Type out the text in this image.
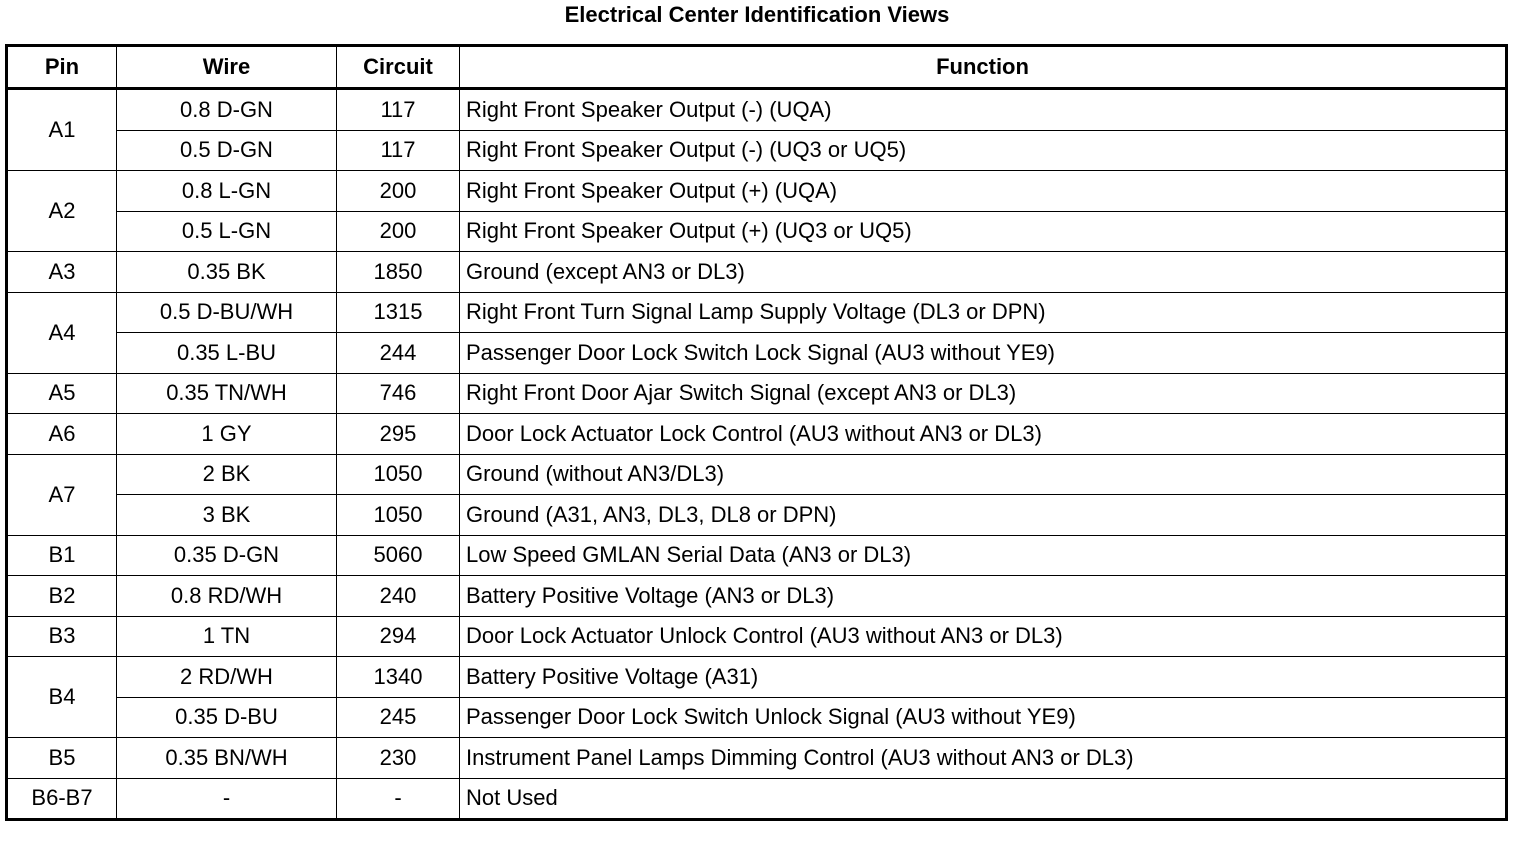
Electrical Center Identification Views
Pin	Wire	Circuit	Function
A1	0.8 D-GN	117	Right Front Speaker Output (-) (UQA)
	0.5 D-GN	117	Right Front Speaker Output (-) (UQ3 or UQ5)
A2	0.8 L-GN	200	Right Front Speaker Output (+) (UQA)
	0.5 L-GN	200	Right Front Speaker Output (+) (UQ3 or UQ5)
A3	0.35 BK	1850	Ground (except AN3 or DL3)
A4	0.5 D-BU/WH	1315	Right Front Turn Signal Lamp Supply Voltage (DL3 or DPN)
	0.35 L-BU	244	Passenger Door Lock Switch Lock Signal (AU3 without YE9)
A5	0.35 TN/WH	746	Right Front Door Ajar Switch Signal (except AN3 or DL3)
A6	1 GY	295	Door Lock Actuator Lock Control (AU3 without AN3 or DL3)
A7	2 BK	1050	Ground (without AN3/DL3)
	3 BK	1050	Ground (A31, AN3, DL3, DL8 or DPN)
B1	0.35 D-GN	5060	Low Speed GMLAN Serial Data (AN3 or DL3)
B2	0.8 RD/WH	240	Battery Positive Voltage (AN3 or DL3)
B3	1 TN	294	Door Lock Actuator Unlock Control (AU3 without AN3 or DL3)
B4	2 RD/WH	1340	Battery Positive Voltage (A31)
	0.35 D-BU	245	Passenger Door Lock Switch Unlock Signal (AU3 without YE9)
B5	0.35 BN/WH	230	Instrument Panel Lamps Dimming Control (AU3 without AN3 or DL3)
B6-B7	-	-	Not Used
